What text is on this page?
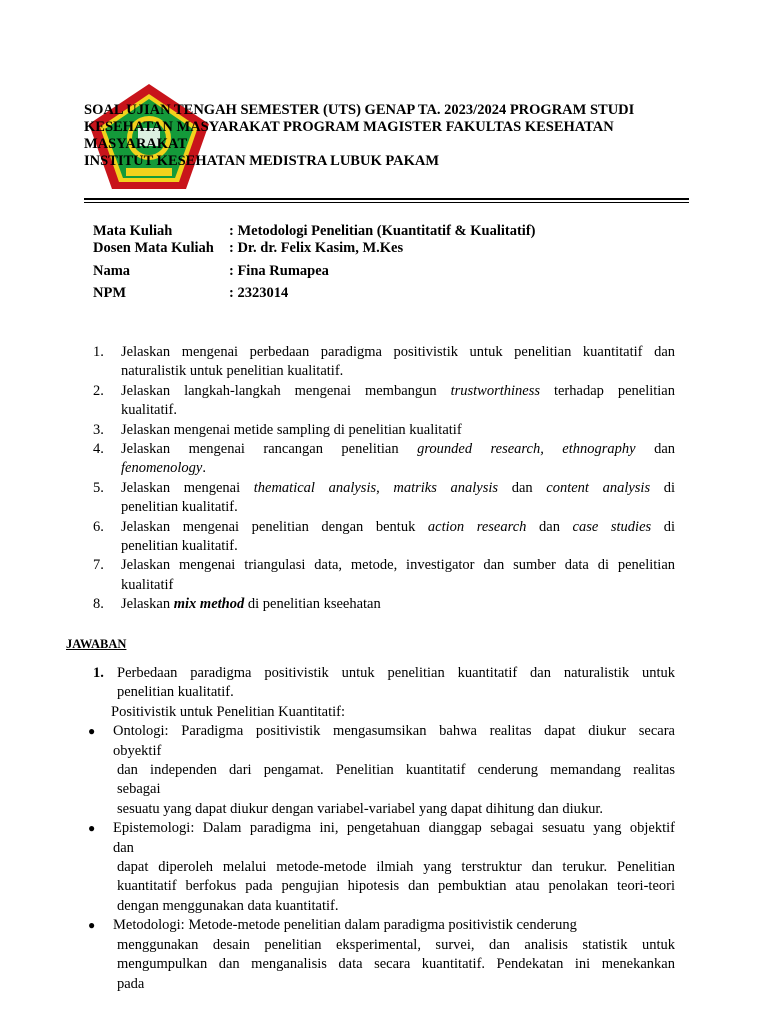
SOAL UJIAN TENGAH SEMESTER (UTS) GENAP TA. 2023/2024 PROGRAM STUDI
KESEHATAN MASYARAKAT PROGRAM MAGISTER FAKULTAS KESEHATAN
MASYARAKAT
INSTITUT KESEHATAN MEDISTRA LUBUK PAKAM
Mata Kuliah	: Metodologi Penelitian (Kuantitatif & Kualitatif)
Dosen Mata Kuliah : Dr. dr. Felix Kasim, M.Kes
Nama	: Fina Rumapea
NPM	: 2323014
1. Jelaskan mengenai perbedaan paradigma positivistik untuk penelitian kuantitatif dan
naturalistik untuk penelitian kualitatif.
2. Jelaskan langkah-langkah mengenai membangun trustworthiness terhadap penelitian
kualitatif.
3. Jelaskan mengenai metide sampling di penelitian kualitatif
4. Jelaskan mengenai rancangan penelitian grounded research, ethnography dan
fenomenology.
5. Jelaskan mengenai thematical analysis, matriks analysis dan content analysis di
penelitian kualitatif.
6. Jelaskan mengenai penelitian dengan bentuk action research dan case studies di
penelitian kualitatif.
7. Jelaskan mengenai triangulasi data, metode, investigator dan sumber data di penelitian
kualitatif
8. Jelaskan mix method di penelitian kseehatan
JAWABAN
1. Perbedaan paradigma positivistik untuk penelitian kuantitatif dan naturalistik untuk
penelitian kualitatif.
Positivistik untuk Penelitian Kuantitatif:
● Ontologi: Paradigma positivistik mengasumsikan bahwa realitas dapat diukur secara
obyektif
dan independen dari pengamat. Penelitian kuantitatif cenderung memandang realitas
sebagai
sesuatu yang dapat diukur dengan variabel-variabel yang dapat dihitung dan diukur.
● Epistemologi: Dalam paradigma ini, pengetahuan dianggap sebagai sesuatu yang objektif
dan
dapat diperoleh melalui metode-metode ilmiah yang terstruktur dan terukur. Penelitian
kuantitatif berfokus pada pengujian hipotesis dan pembuktian atau penolakan teori-teori
dengan menggunakan data kuantitatif.
● Metodologi: Metode-metode penelitian dalam paradigma positivistik cenderung
menggunakan desain penelitian eksperimental, survei, dan analisis statistik untuk
mengumpulkan dan menganalisis data secara kuantitatif. Pendekatan ini menekankan
pada
